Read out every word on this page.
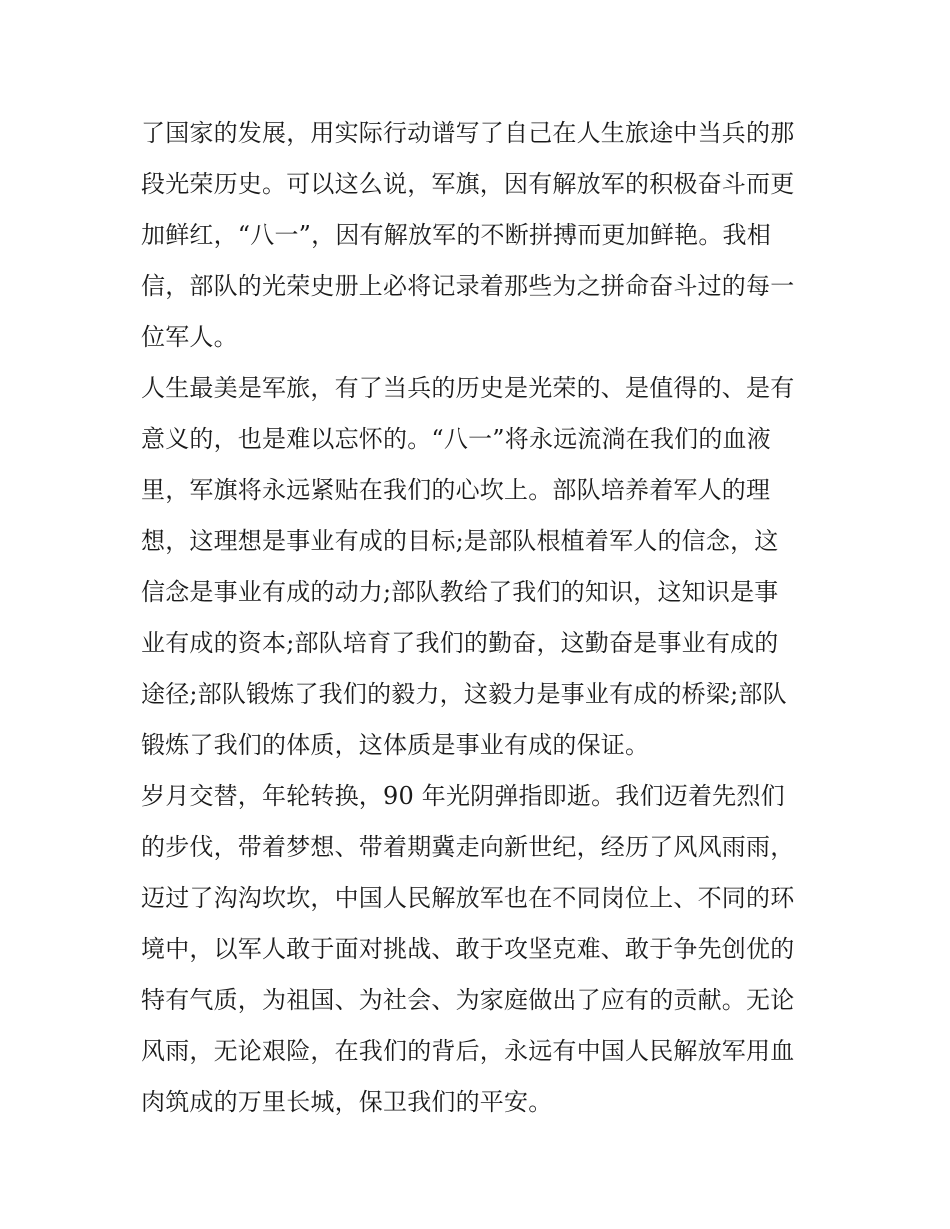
了国家的发展，用实际行动谱写了自己在人生旅途中当兵的那
段光荣历史。可以这么说，军旗，因有解放军的积极奋斗而更
加鲜红，“八一”，因有解放军的不断拼搏而更加鲜艳。我相
信，部队的光荣史册上必将记录着那些为之拼命奋斗过的每一
位军人。
人生最美是军旅，有了当兵的历史是光荣的、是值得的、是有
意义的，也是难以忘怀的。“八一”将永远流淌在我们的血液
里，军旗将永远紧贴在我们的心坎上。部队培养着军人的理
想，这理想是事业有成的目标;是部队根植着军人的信念，这
信念是事业有成的动力;部队教给了我们的知识，这知识是事
业有成的资本;部队培育了我们的勤奋，这勤奋是事业有成的
途径;部队锻炼了我们的毅力，这毅力是事业有成的桥梁;部队
锻炼了我们的体质，这体质是事业有成的保证。
岁月交替，年轮转换，90 年光阴弹指即逝。我们迈着先烈们
的步伐，带着梦想、带着期冀走向新世纪，经历了风风雨雨，
迈过了沟沟坎坎，中国人民解放军也在不同岗位上、不同的环
境中，以军人敢于面对挑战、敢于攻坚克难、敢于争先创优的
特有气质，为祖国、为社会、为家庭做出了应有的贡献。无论
风雨，无论艰险，在我们的背后，永远有中国人民解放军用血
肉筑成的万里长城，保卫我们的平安。
